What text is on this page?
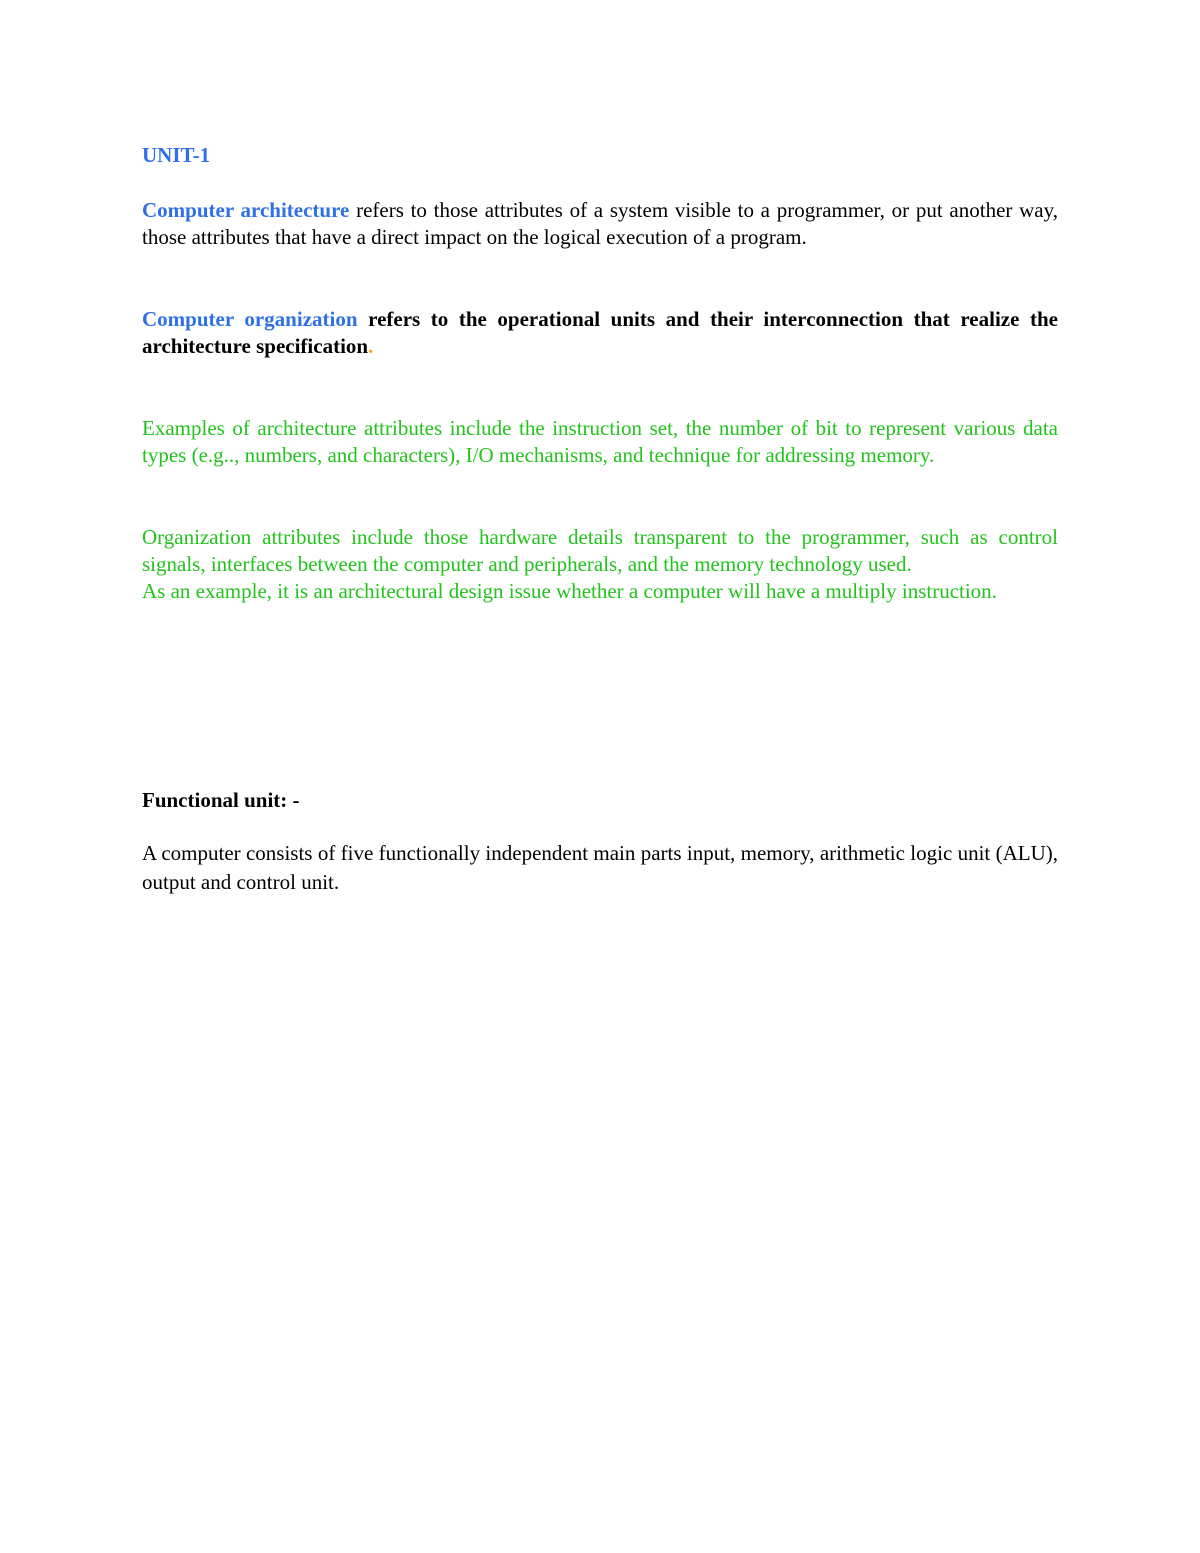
UNIT-1

Computer architecture refers to those attributes of a system visible to a programmer, or put another way, those attributes that have a direct impact on the logical execution of a program.

Computer organization refers to the operational units and their interconnection that realize the architecture specification.

Examples of architecture attributes include the instruction set, the number of bit to represent various data types (e.g.., numbers, and characters), I/O mechanisms, and technique for addressing memory.

Organization attributes include those hardware details transparent to the programmer, such as control signals, interfaces between the computer and peripherals, and the memory technology used.

As an example, it is an architectural design issue whether a computer will have a multiply instruction.

Functional unit: -

A computer consists of five functionally independent main parts input, memory, arithmetic logic unit (ALU), output and control unit.
